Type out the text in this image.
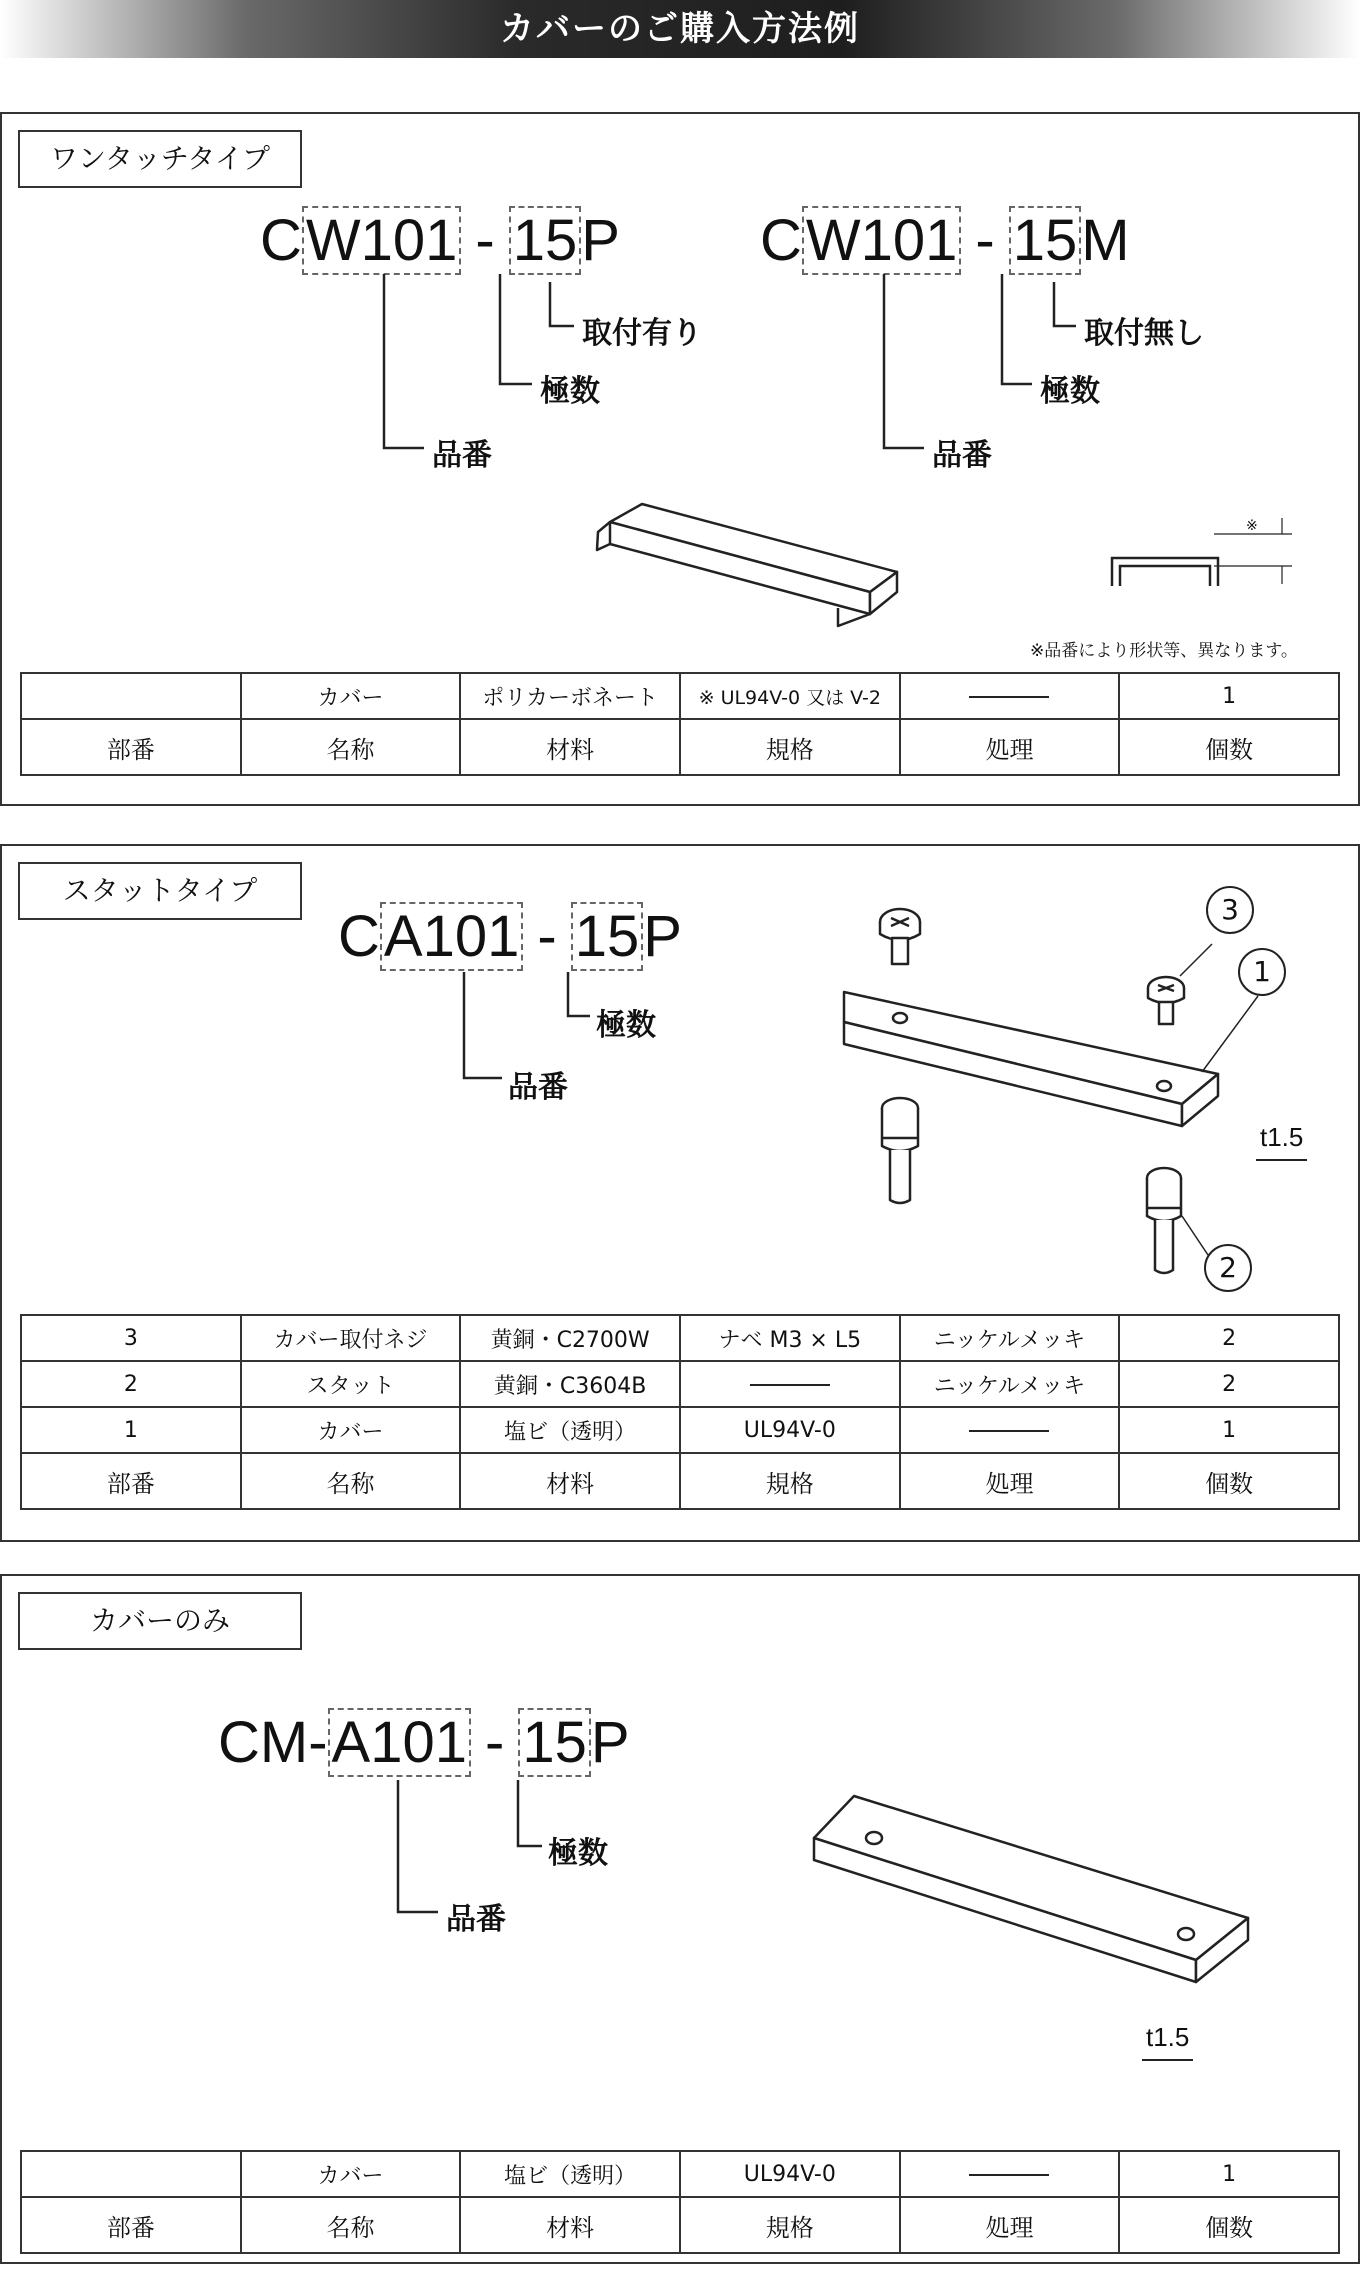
カバーのご購入方法例
ワンタッチタイプ
CW101 - 15P CW101 - 15M
品番
極数
取付有り
品番
極数
取付無し
※
※品番により形状等、異なります。
	カバー	ポリカーボネート	※ UL94V-0 又は V-2		1
部番	名称	材料	規格	処理	個数
スタットタイプ
CA101 - 15P
品番
極数
3
1
2
t1.5
3	カバー取付ネジ	黄銅・C2700W	ナベ M3 × L5	ニッケルメッキ	2
2	スタット	黄銅・C3604B		ニッケルメッキ	2
1	カバー	塩ビ（透明）	UL94V-0		1
部番	名称	材料	規格	処理	個数
カバーのみ
CM-A101 - 15P
品番
極数
t1.5
	カバー	塩ビ（透明）	UL94V-0		1
部番	名称	材料	規格	処理	個数
